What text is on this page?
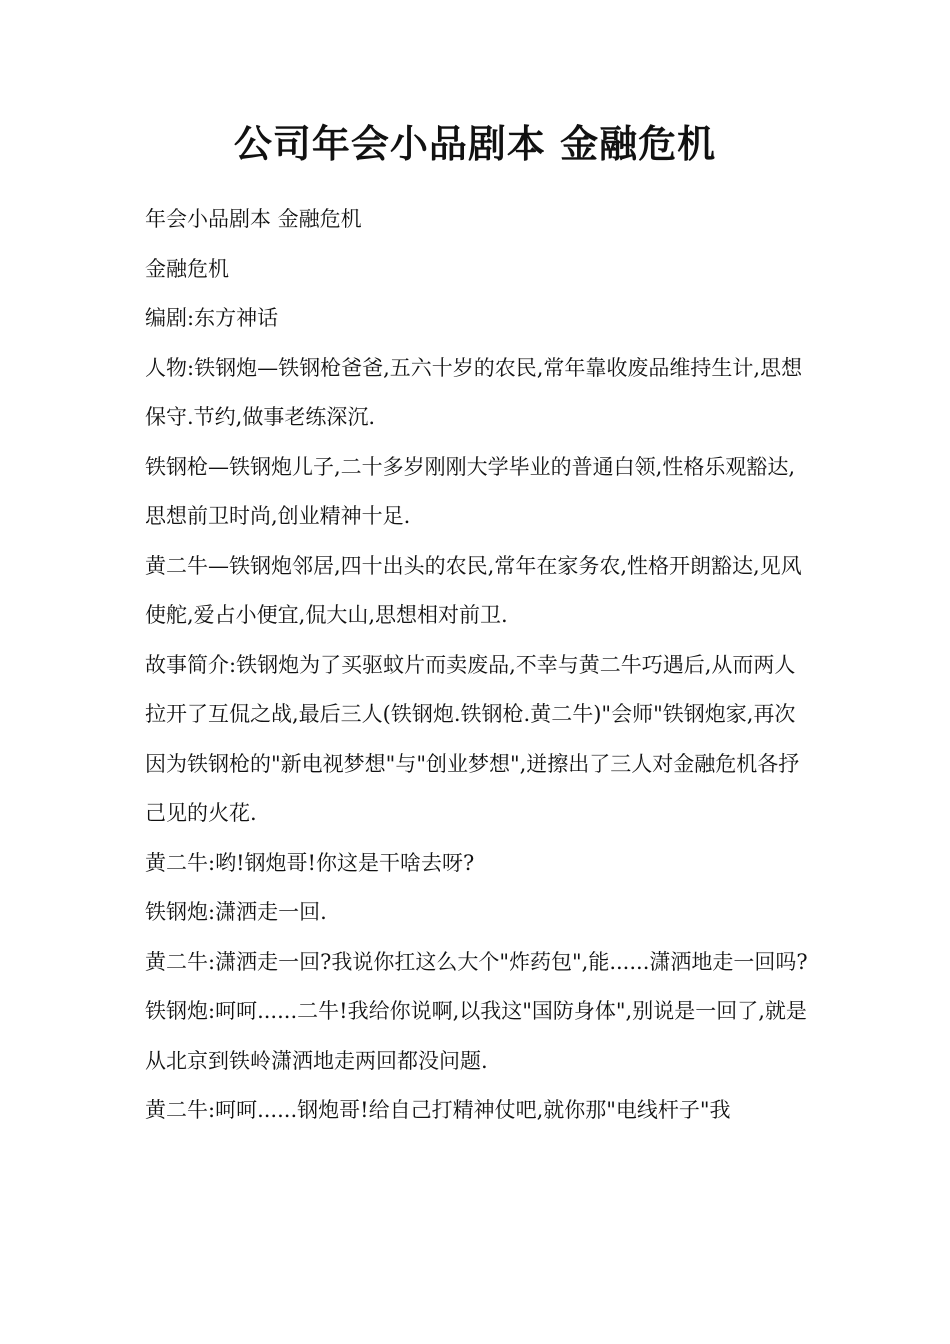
公司年会小品剧本 金融危机

年会小品剧本 金融危机

金融危机

编剧:东方神话

人物:铁钢炮—铁钢枪爸爸,五六十岁的农民,常年靠收废品维持生计,思想保守.节约,做事老练深沉.

铁钢枪—铁钢炮儿子,二十多岁刚刚大学毕业的普通白领,性格乐观豁达,思想前卫时尚,创业精神十足.

黄二牛—铁钢炮邻居,四十出头的农民,常年在家务农,性格开朗豁达,见风使舵,爱占小便宜,侃大山,思想相对前卫.

故事简介:铁钢炮为了买驱蚊片而卖废品,不幸与黄二牛巧遇后,从而两人拉开了互侃之战,最后三人(铁钢炮.铁钢枪.黄二牛)"会师"铁钢炮家,再次因为铁钢枪的"新电视梦想"与"创业梦想",迸擦出了三人对金融危机各抒己见的火花.

黄二牛:哟!钢炮哥!你这是干啥去呀?

铁钢炮:潇洒走一回.

黄二牛:潇洒走一回?我说你扛这么大个"炸药包",能......潇洒地走一回吗?

铁钢炮:呵呵......二牛!我给你说啊,以我这"国防身体",别说是一回了,就是从北京到铁岭潇洒地走两回都没问题.

黄二牛:呵呵......钢炮哥!给自己打精神仗吧,就你那"电线杆子"我
